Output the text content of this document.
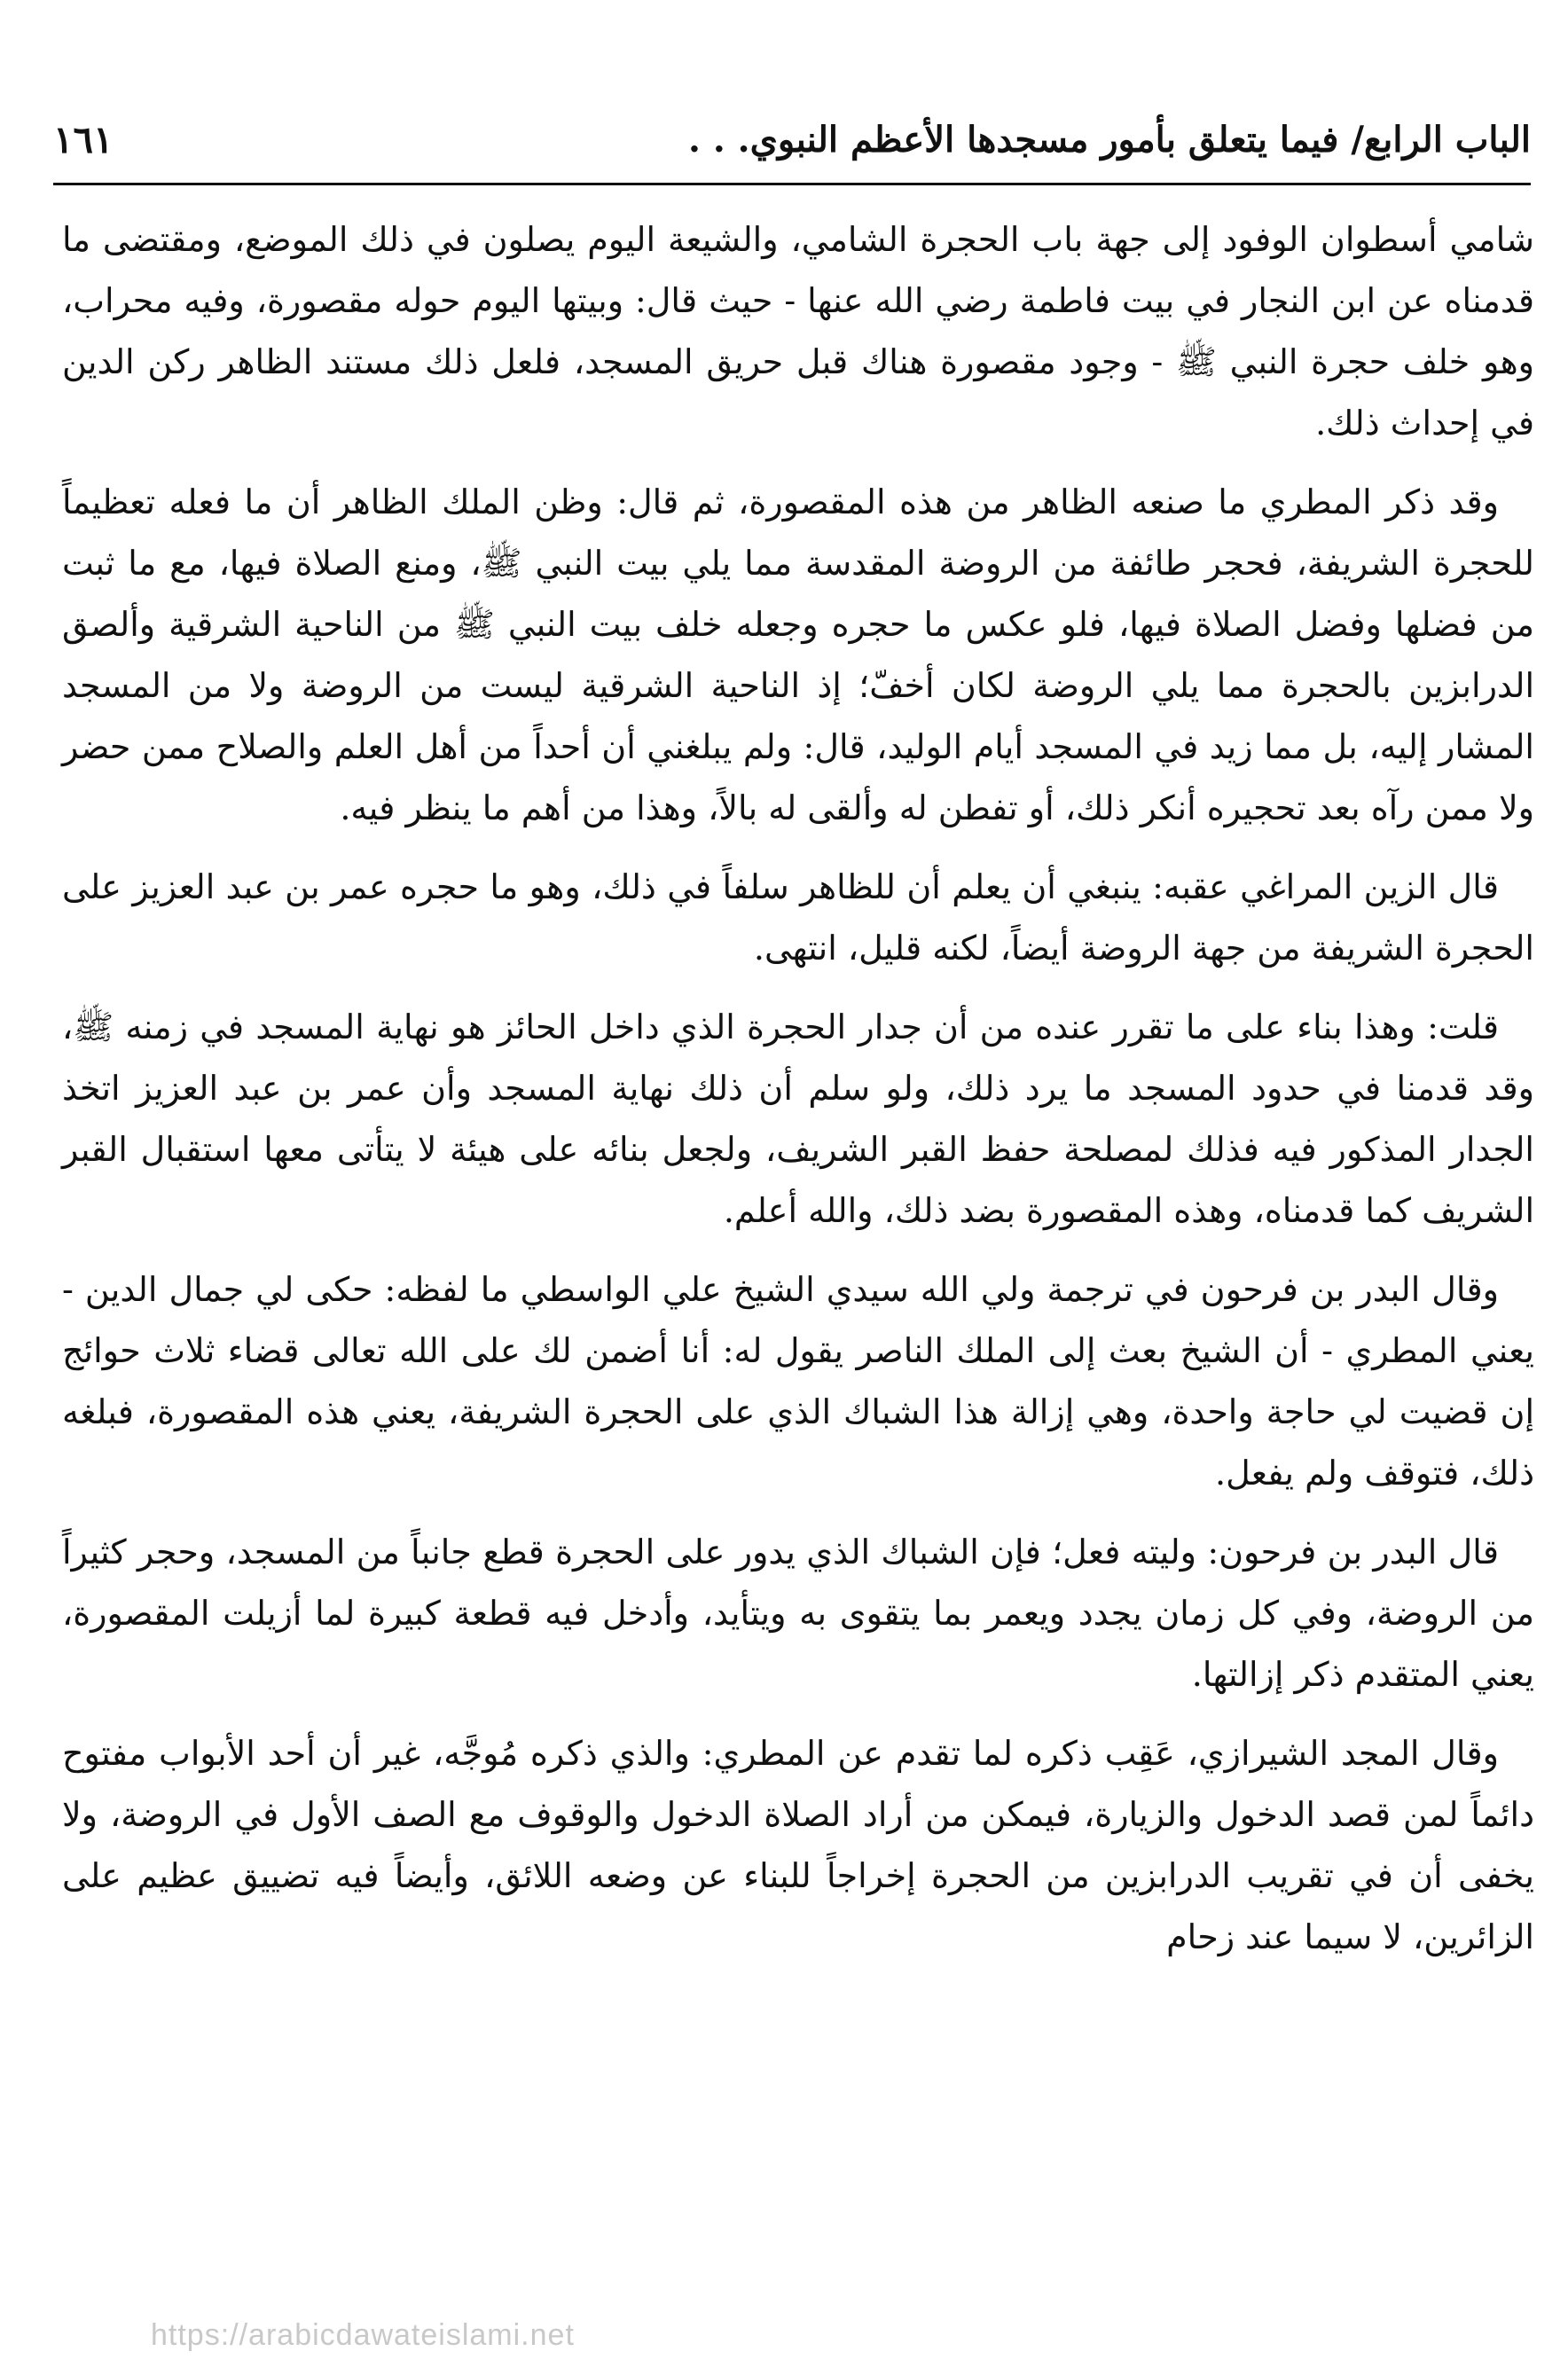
الباب الرابع/ فيما يتعلق بأمور مسجدها الأعظم النبوي. . .
١٦١

شامي أسطوان الوفود إلى جهة باب الحجرة الشامي، والشيعة اليوم يصلون في ذلك الموضع، ومقتضى ما قدمناه عن ابن النجار في بيت فاطمة رضي الله عنها - حيث قال: وبيتها اليوم حوله مقصورة، وفيه محراب، وهو خلف حجرة النبي ﷺ - وجود مقصورة هناك قبل حريق المسجد، فلعل ذلك مستند الظاهر ركن الدين في إحداث ذلك.

وقد ذكر المطري ما صنعه الظاهر من هذه المقصورة، ثم قال: وظن الملك الظاهر أن ما فعله تعظيماً للحجرة الشريفة، فحجر طائفة من الروضة المقدسة مما يلي بيت النبي ﷺ، ومنع الصلاة فيها، مع ما ثبت من فضلها وفضل الصلاة فيها، فلو عكس ما حجره وجعله خلف بيت النبي ﷺ من الناحية الشرقية وألصق الدرابزين بالحجرة مما يلي الروضة لكان أخفّ؛ إذ الناحية الشرقية ليست من الروضة ولا من المسجد المشار إليه، بل مما زيد في المسجد أيام الوليد، قال: ولم يبلغني أن أحداً من أهل العلم والصلاح ممن حضر ولا ممن رآه بعد تحجيره أنكر ذلك، أو تفطن له وألقى له بالاً، وهذا من أهم ما ينظر فيه.

قال الزين المراغي عقبه: ينبغي أن يعلم أن للظاهر سلفاً في ذلك، وهو ما حجره عمر بن عبد العزيز على الحجرة الشريفة من جهة الروضة أيضاً، لكنه قليل، انتهى.

قلت: وهذا بناء على ما تقرر عنده من أن جدار الحجرة الذي داخل الحائز هو نهاية المسجد في زمنه ﷺ، وقد قدمنا في حدود المسجد ما يرد ذلك، ولو سلم أن ذلك نهاية المسجد وأن عمر بن عبد العزيز اتخذ الجدار المذكور فيه فذلك لمصلحة حفظ القبر الشريف، ولجعل بنائه على هيئة لا يتأتى معها استقبال القبر الشريف كما قدمناه، وهذه المقصورة بضد ذلك، والله أعلم.

وقال البدر بن فرحون في ترجمة ولي الله سيدي الشيخ علي الواسطي ما لفظه: حكى لي جمال الدين - يعني المطري - أن الشيخ بعث إلى الملك الناصر يقول له: أنا أضمن لك على الله تعالى قضاء ثلاث حوائج إن قضيت لي حاجة واحدة، وهي إزالة هذا الشباك الذي على الحجرة الشريفة، يعني هذه المقصورة، فبلغه ذلك، فتوقف ولم يفعل.

قال البدر بن فرحون: وليته فعل؛ فإن الشباك الذي يدور على الحجرة قطع جانباً من المسجد، وحجر كثيراً من الروضة، وفي كل زمان يجدد ويعمر بما يتقوى به ويتأيد، وأدخل فيه قطعة كبيرة لما أزيلت المقصورة، يعني المتقدم ذكر إزالتها.

وقال المجد الشيرازي، عَقِب ذكره لما تقدم عن المطري: والذي ذكره مُوجَّه، غير أن أحد الأبواب مفتوح دائماً لمن قصد الدخول والزيارة، فيمكن من أراد الصلاة الدخول والوقوف مع الصف الأول في الروضة، ولا يخفى أن في تقريب الدرابزين من الحجرة إخراجاً للبناء عن وضعه اللائق، وأيضاً فيه تضييق عظيم على الزائرين، لا سيما عند زحام

https://arabicdawateislami.net
